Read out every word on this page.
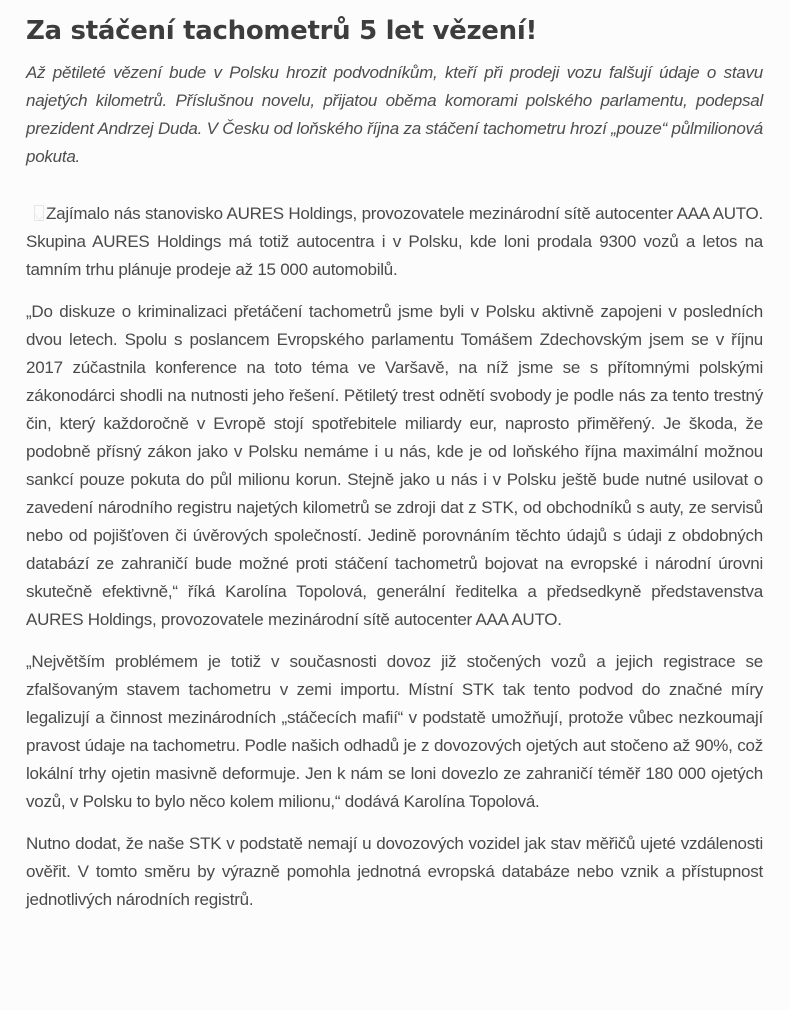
Za stáčení tachometrů 5 let vězení!

Až pětileté vězení bude v Polsku hrozit podvodníkům, kteří při prodeji vozu falšují údaje o stavu najetých kilometrů. Příslušnou novelu, přijatou oběma komorami polského parlamentu, podepsal prezident Andrzej Duda. V Česku od loňského října za stáčení tachometru hrozí „pouze“ půlmilionová pokuta.

Zajímalo nás stanovisko AURES Holdings, provozovatele mezinárodní sítě autocenter AAA AUTO. Skupina AURES Holdings má totiž autocentra i v Polsku, kde loni prodala 9300 vozů a letos na tamním trhu plánuje prodeje až 15 000 automobilů.

„Do diskuze o kriminalizaci přetáčení tachometrů jsme byli v Polsku aktivně zapojeni v posledních dvou letech. Spolu s poslancem Evropského parlamentu Tomášem Zdechovským jsem se v říjnu 2017 zúčastnila konference na toto téma ve Varšavě, na níž jsme se s přítomnými polskými zákonodárci shodli na nutnosti jeho řešení. Pětiletý trest odnětí svobody je podle nás za tento trestný čin, který každoročně v Evropě stojí spotřebitele miliardy eur, naprosto přiměřený. Je škoda, že podobně přísný zákon jako v Polsku nemáme i u nás, kde je od loňského října maximální možnou sankcí pouze pokuta do půl milionu korun. Stejně jako u nás i v Polsku ještě bude nutné usilovat o zavedení národního registru najetých kilometrů se zdroji dat z STK, od obchodníků s auty, ze servisů nebo od pojišťoven či úvěrových společností. Jedině porovnáním těchto údajů s údaji z obdobných databází ze zahraničí bude možné proti stáčení tachometrů bojovat na evropské i národní úrovni skutečně efektivně,“ říká Karolína Topolová, generální ředitelka a předsedkyně představenstva AURES Holdings, provozovatele mezinárodní sítě autocenter AAA AUTO.

„Největším problémem je totiž v současnosti dovoz již stočených vozů a jejich registrace se zfalšovaným stavem tachometru v zemi importu. Místní STK tak tento podvod do značné míry legalizují a činnost mezinárodních „stáčecích mafií“ v podstatě umožňují, protože vůbec nezkoumají pravost údaje na tachometru. Podle našich odhadů je z dovozových ojetých aut stočeno až 90%, což lokální trhy ojetin masivně deformuje. Jen k nám se loni dovezlo ze zahraničí téměř 180 000 ojetých vozů, v Polsku to bylo něco kolem milionu,“ dodává Karolína Topolová.

Nutno dodat, že naše STK v podstatě nemají u dovozových vozidel jak stav měřičů ujeté vzdálenosti ověřit. V tomto směru by výrazně pomohla jednotná evropská databáze nebo vznik a přístupnost jednotlivých národních registrů.
